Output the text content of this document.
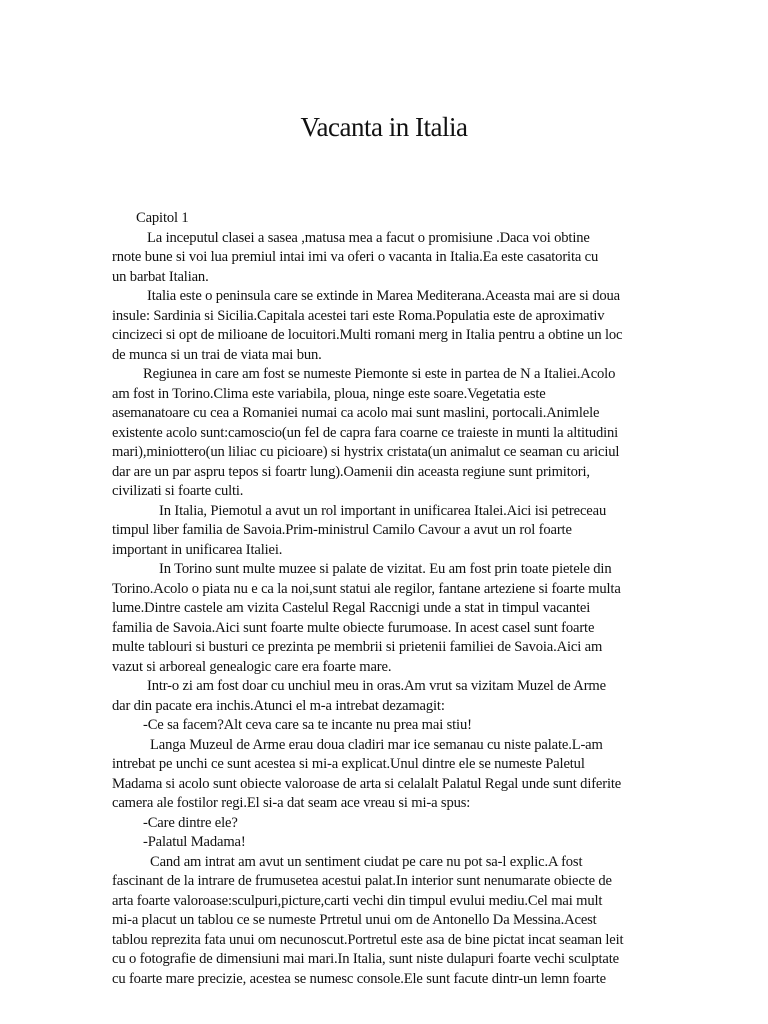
Vacanta in Italia
Capitol 1
La inceputul clasei a sasea ,matusa mea a facut o promisiune .Daca voi obtine
rnote bune si voi lua premiul intai imi va oferi o vacanta in Italia.Ea este casatorita cu
un barbat Italian.
Italia este o peninsula care se extinde in Marea Mediterana.Aceasta mai are si doua
insule: Sardinia si Sicilia.Capitala acestei tari este Roma.Populatia este de aproximativ
cincizeci si opt de milioane de locuitori.Multi romani merg in Italia pentru a obtine un loc
de munca si un trai de viata mai bun.
Regiunea in care am fost se numeste Piemonte si este in partea de N a Italiei.Acolo
am fost in Torino.Clima este variabila, ploua, ninge este soare.Vegetatia este
asemanatoare cu cea a Romaniei numai ca acolo mai sunt maslini, portocali.Animlele
existente acolo sunt:camoscio(un fel de capra fara coarne ce traieste in munti la altitudini
mari),miniottero(un liliac cu picioare) si hystrix cristata(un animalut ce seaman cu ariciul
dar are un par aspru tepos si foartr lung).Oamenii din aceasta regiune sunt primitori,
civilizati si foarte culti.
In Italia, Piemotul a avut un rol important in unificarea Italei.Aici isi petreceau
timpul liber familia de Savoia.Prim-ministrul Camilo Cavour a avut un rol foarte
important in unificarea Italiei.
In Torino sunt multe muzee si palate de vizitat. Eu am fost prin toate pietele din
Torino.Acolo o piata nu e ca la noi,sunt statui ale regilor, fantane arteziene si foarte multa
lume.Dintre castele am vizita Castelul Regal Raccnigi unde a stat in timpul vacantei
familia de Savoia.Aici sunt foarte multe obiecte furumoase. In acest casel sunt foarte
multe tablouri si busturi ce prezinta pe membrii si prietenii familiei de Savoia.Aici am
vazut si arboreal genealogic care era foarte mare.
Intr-o zi am fost doar cu unchiul meu in oras.Am vrut sa vizitam Muzel de Arme
dar din pacate era inchis.Atunci el m-a intrebat dezamagit:
-Ce sa facem?Alt ceva care sa te incante nu prea mai stiu!
Langa Muzeul de Arme erau doua cladiri mar ice semanau cu niste palate.L-am
intrebat pe unchi ce sunt acestea si mi-a explicat.Unul dintre ele se numeste Paletul
Madama si acolo sunt obiecte valoroase de arta si celalalt Palatul Regal unde sunt diferite
camera ale fostilor regi.El si-a dat seam ace vreau si mi-a spus:
-Care dintre ele?
-Palatul Madama!
Cand am intrat am avut un sentiment ciudat pe care nu pot sa-l explic.A fost
fascinant de la intrare de frumusetea acestui palat.In interior sunt nenumarate obiecte de
arta foarte valoroase:sculpuri,picture,carti vechi din timpul evului mediu.Cel mai mult
mi-a placut un tablou ce se numeste Prtretul unui om de Antonello Da Messina.Acest
tablou reprezita fata unui om necunoscut.Portretul este asa de bine pictat incat seaman leit
cu o fotografie de dimensiuni mai mari.In Italia, sunt niste dulapuri foarte vechi sculptate
cu foarte mare precizie, acestea se numesc console.Ele sunt facute dintr-un lemn foarte
